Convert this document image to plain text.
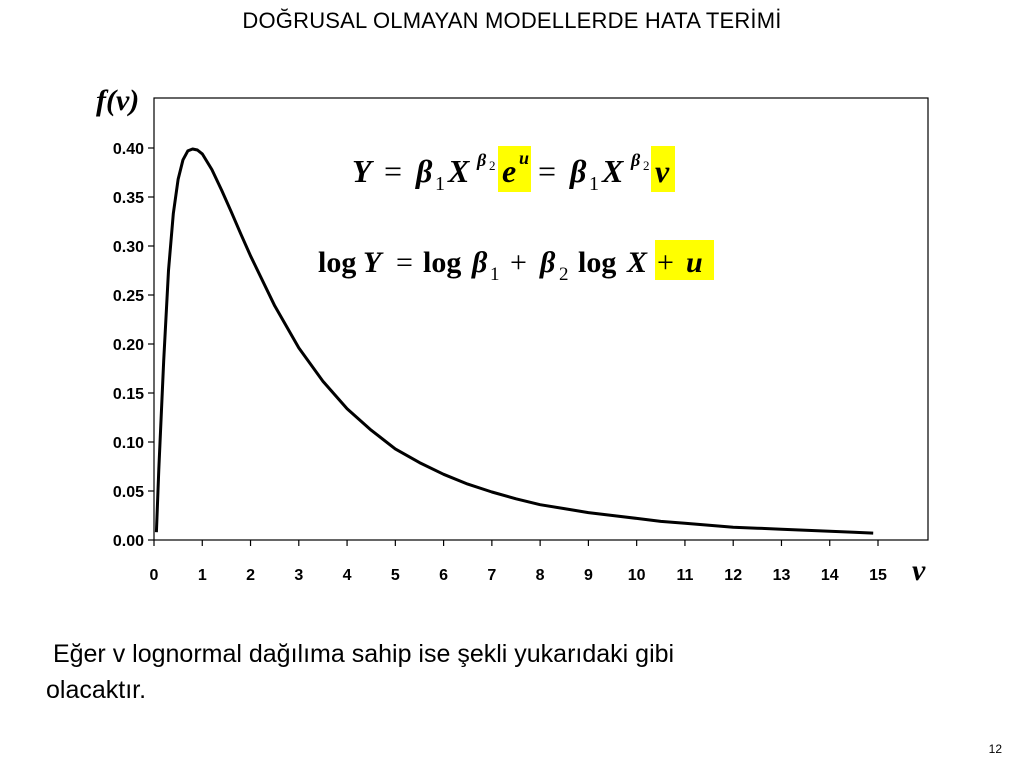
DOĞRUSAL OLMAYAN MODELLERDE HATA TERİMİ
f(v)
v
0.00
0.05
0.10
0.15
0.20
0.25
0.30
0.35
0.40
0 1 2 3 4 5 6 7 8 9 10 11 12 13 14 15
Y = β 1 X β 2 e u = β 1 X β 2 v
log Y = log β 1 + β 2 log X + u
Eğer v lognormal dağılıma sahip ise şekli yukarıdaki gibi
olacaktır.
12
